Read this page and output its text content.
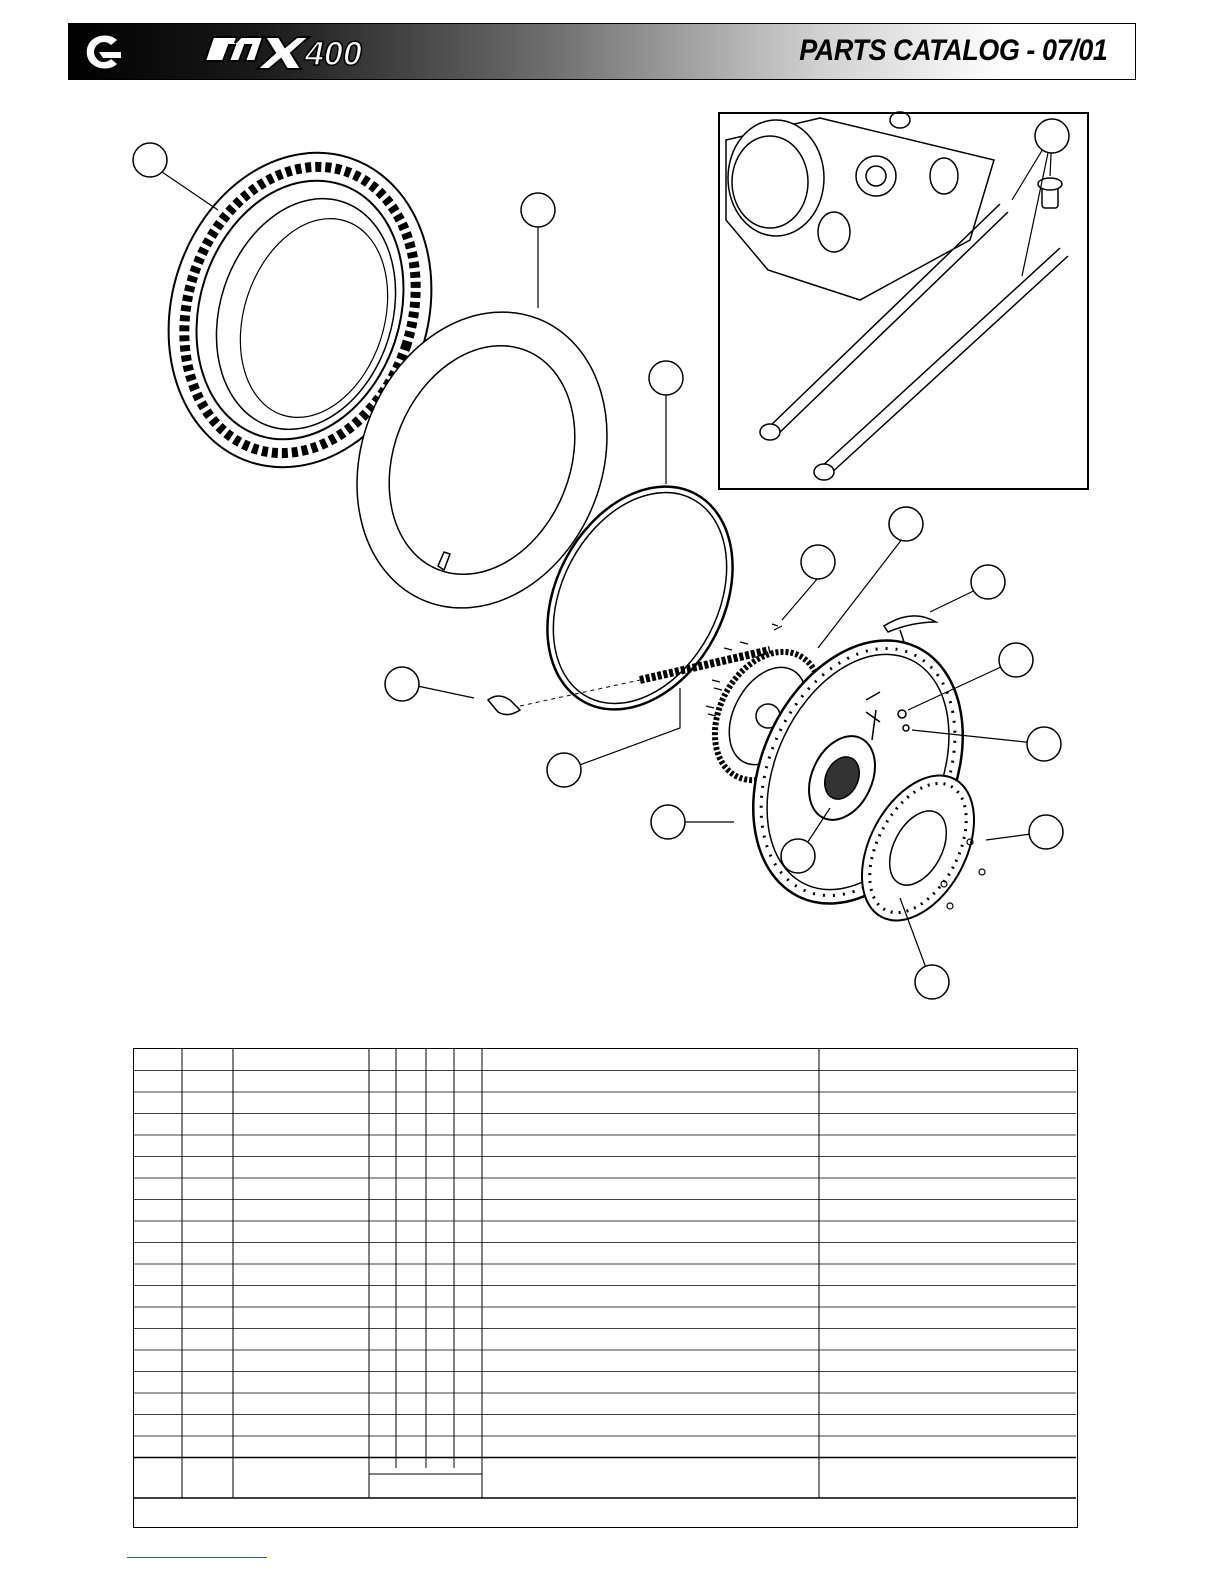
400	PARTS CATALOG - 07/01
